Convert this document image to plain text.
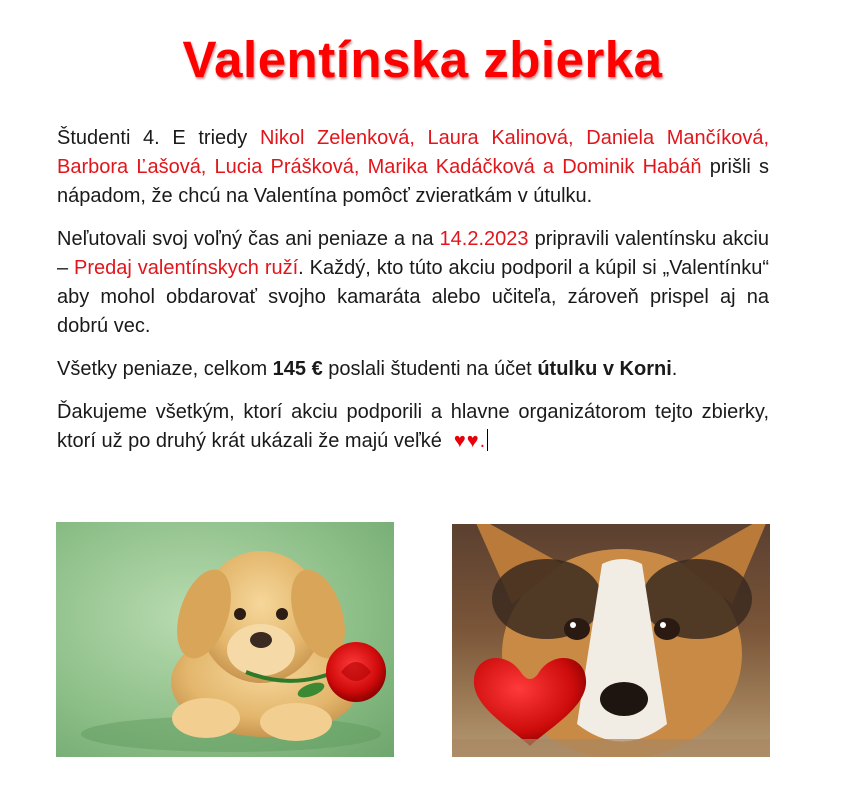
Valentínska zbierka

Študenti 4. E triedy Nikol Zelenková, Laura Kalinová, Daniela Mančíková, Barbora Ľašová, Lucia Prášková, Marika Kadáčková a Dominik Habáň prišli s nápadom, že chcú na Valentína pomôcť zvieratkám v útulku.

Neľutovali svoj voľný čas ani peniaze a na 14.2.2023 pripravili valentínsku akciu – Predaj valentínskych ruží. Každý, kto túto akciu podporil a kúpil si „Valentínku“ aby mohol obdarovať svojho kamaráta alebo učiteľa, zároveň prispel aj na dobrú vec.

Všetky peniaze, celkom 145 € poslali študenti na účet útulku v Korni.

Ďakujeme všetkým, ktorí akciu podporili a hlavne organizátorom tejto zbierky, ktorí už po druhý krát ukázali že majú veľké ♥♥.
